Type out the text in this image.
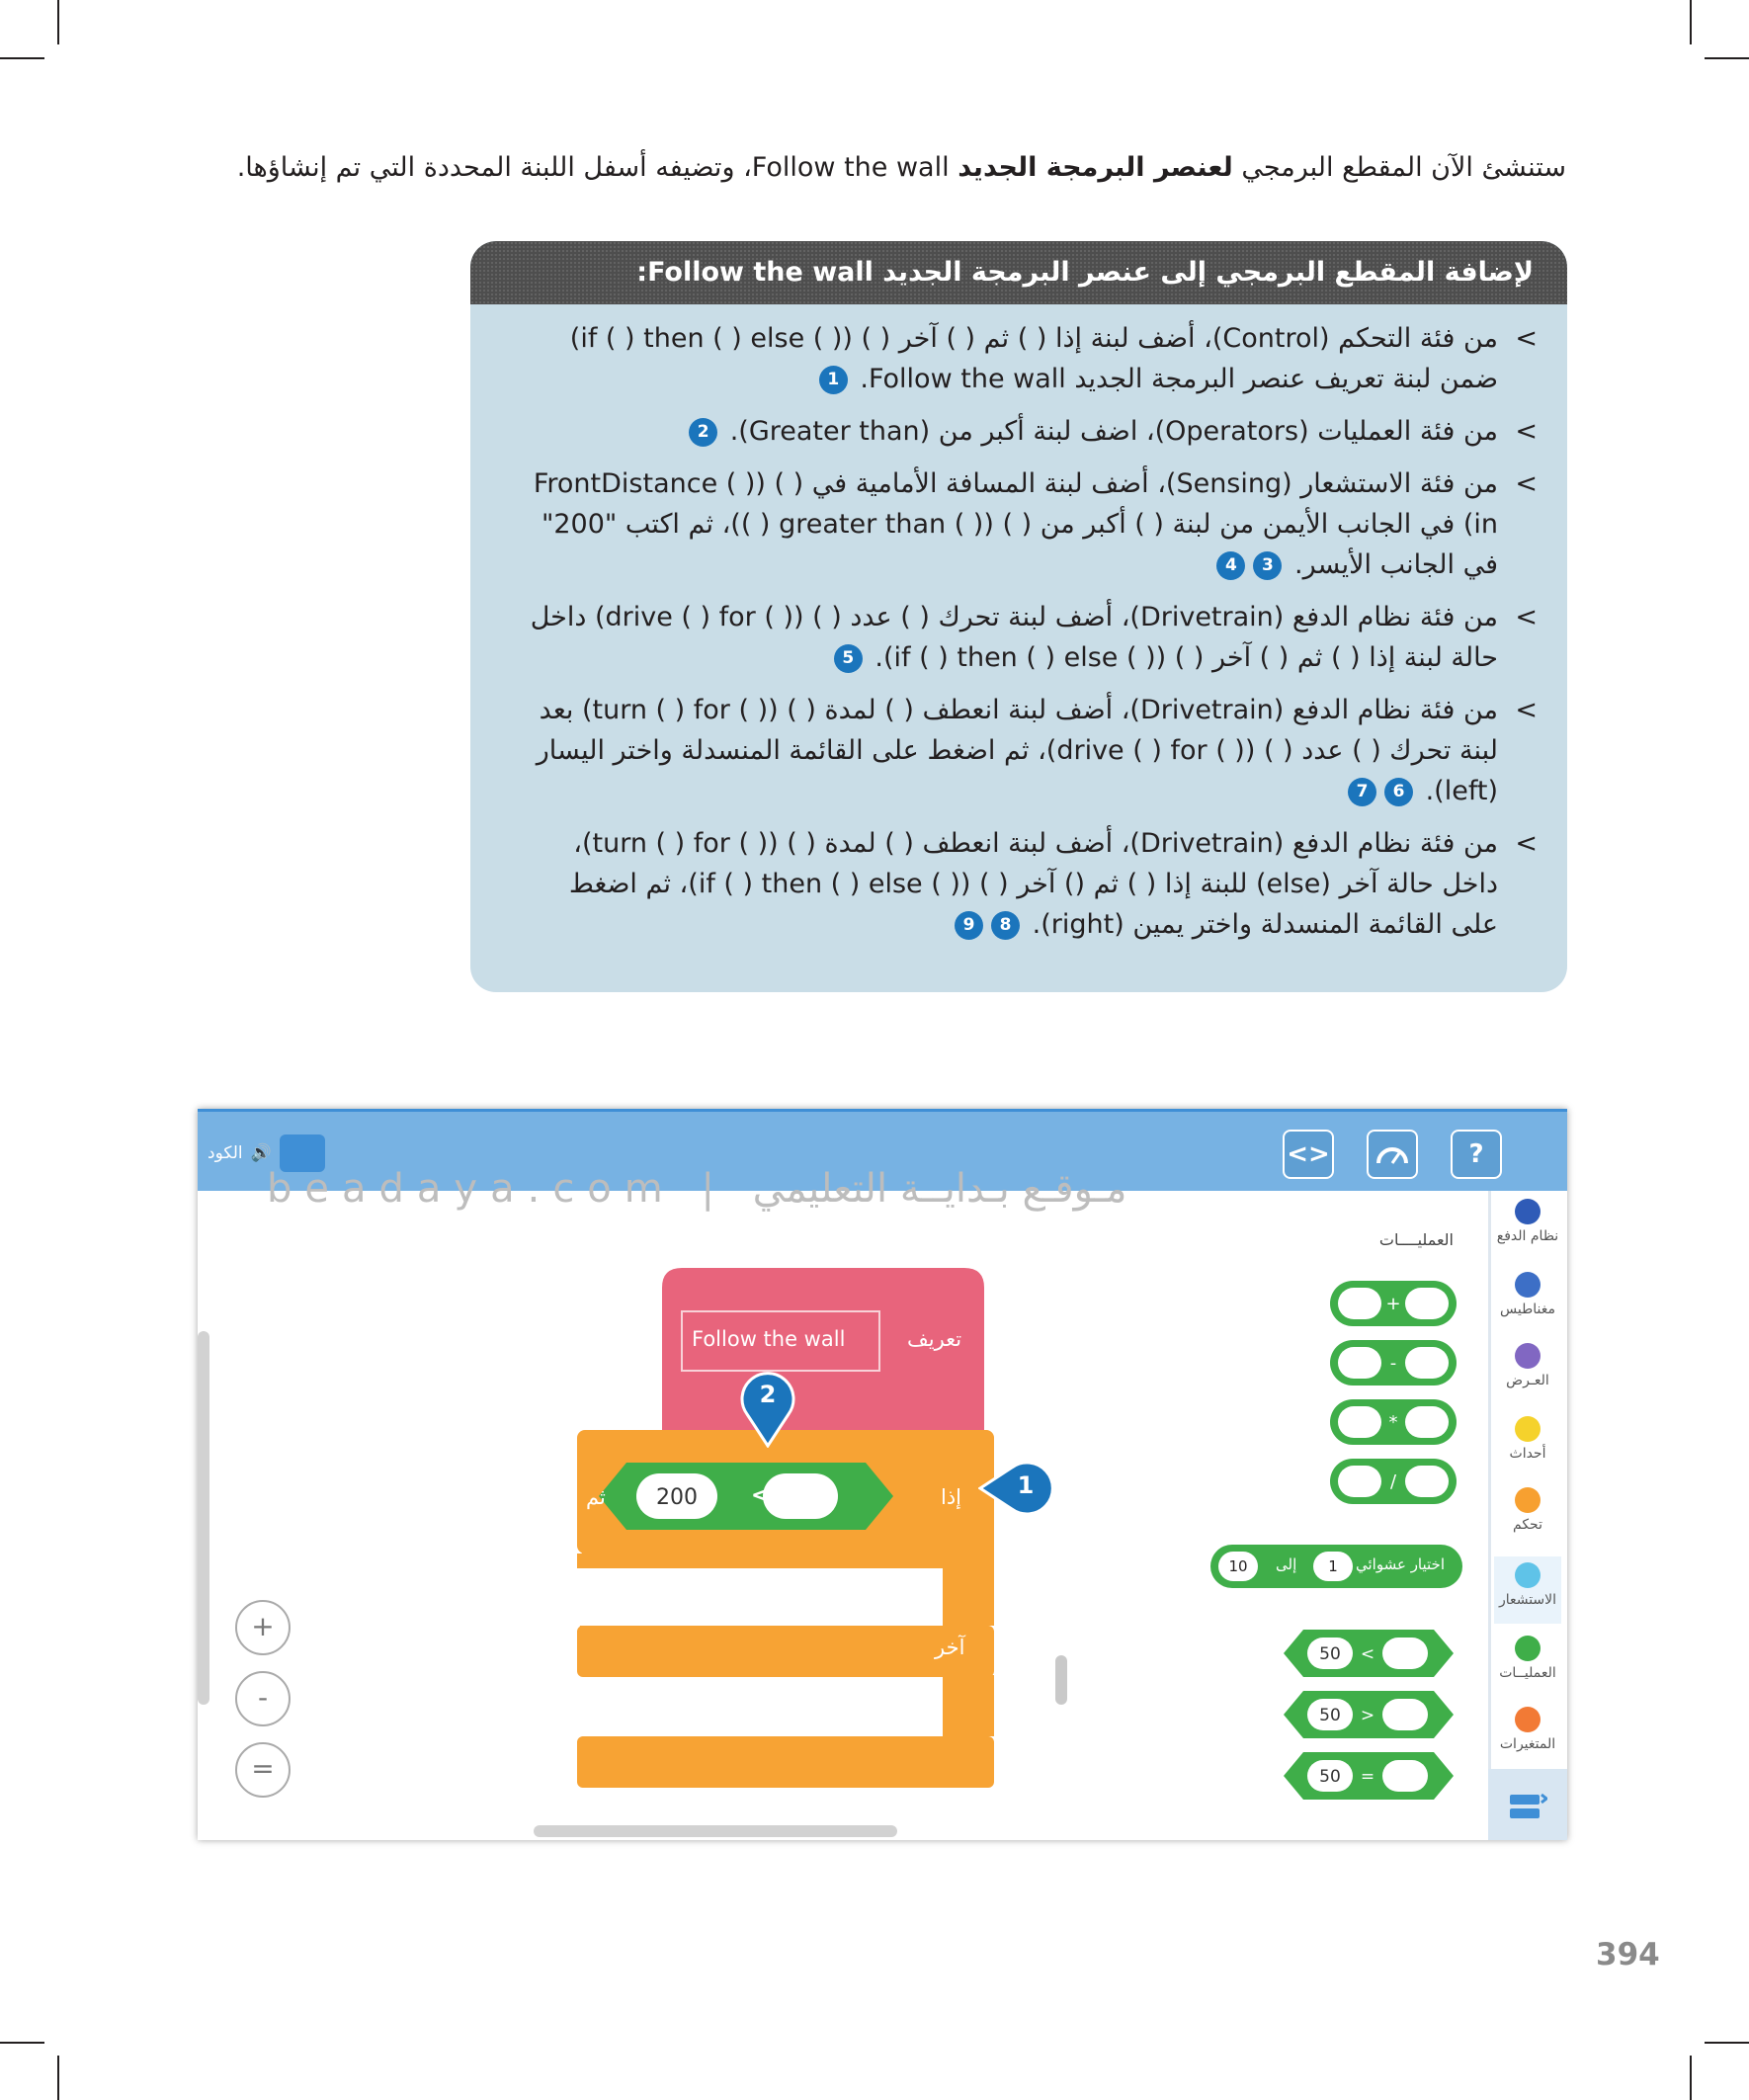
ستنشئ الآن المقطع البرمجي لعنصر البرمجة الجديد Follow the wall، وتضيفه أسفل اللبنة المحددة التي تم إنشاؤها.

لإضافة المقطع البرمجي إلى عنصر البرمجة الجديد Follow the wall:
>
من فئة التحكم (Control)، أضف لبنة إذا ( ) ثم ( ) آخر ( ) (( ) if ( ) then ( ) else) ضمن لبنة تعريف عنصر البرمجة الجديد Follow the wall. 1
>
من فئة العمليات (Operators)، اضف لبنة أكبر من (Greater than). 2
>
من فئة الاستشعار (Sensing)، أضف لبنة المسافة الأمامية في ( ) (( ) FrontDistance in) في الجانب الأيمن من لبنة ( ) أكبر من ( ) (( ) greater than ( ))، ثم اكتب "200" في الجانب الأيسر. 34
>
من فئة نظام الدفع (Drivetrain)، أضف لبنة تحرك ( ) عدد ( ) (( ) drive ( ) for) داخل حالة لبنة إذا ( ) ثم ( ) آخر ( ) (( ) if ( ) then ( ) else). 5
>
من فئة نظام الدفع (Drivetrain)، أضف لبنة انعطف ( ) لمدة ( ) (( ) turn ( ) for) بعد لبنة تحرك ( ) عدد ( ) (( ) drive ( ) for)، ثم اضغط على القائمة المنسدلة واختر اليسار (left). 67
>
من فئة نظام الدفع (Drivetrain)، أضف لبنة انعطف ( ) لمدة ( ) (( ) turn ( ) for)، داخل حالة آخر (else) للبنة إذا ( ) ثم () آخر ( ) (( ) if ( ) then ( ) else)، ثم اضغط على القائمة المنسدلة واختر يمين (right). 89
🔊
الكود	<>	?
نظام الدفع
مغناطيس
العـرض
أحداث
تحكم
الاستشعار
العمليــات
المتغيرات
العمليــــات
+
-
*
/
اختيار عشوائي
1
إلى
10
50 <
50 >
50 =
Follow the wall	تعريف
إذا
ثم
آخر
200	<
2
1
+
-
=
beadaya.com | مـوقـع بـدايــة التعليمي
394
